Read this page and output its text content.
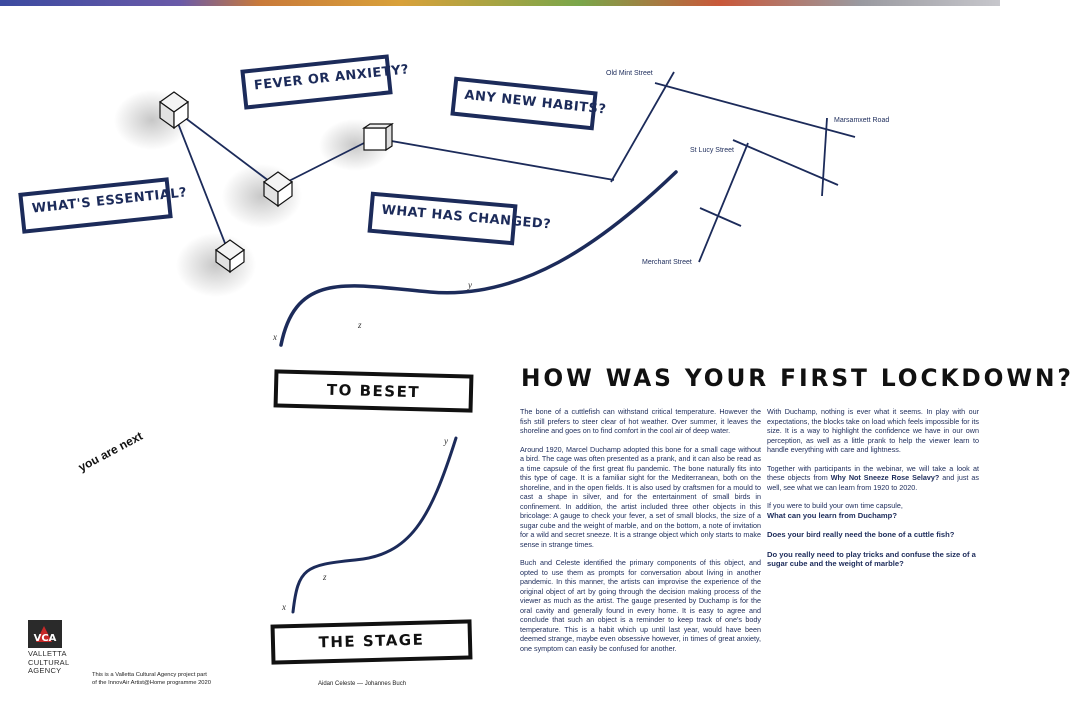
FEVER OR ANXIETY?
ANY NEW HABITS?
WHAT'S ESSENTIAL?
WHAT HAS CHANGED?
Old Mint Street
Marsamxett Road
St Lucy Street
Merchant Street
y
z
x
y
z
x
TO BESET
THE STAGE
you are next
HOW WAS YOUR FIRST LOCKDOWN?

The bone of a cuttlefish can withstand critical temperature. However the fish still prefers to steer clear of hot weather. Over summer, it leaves the shoreline and goes on to find comfort in the cool air of deep water.

Around 1920, Marcel Duchamp adopted this bone for a small cage without a bird. The cage was often presented as a prank, and it can also be read as a time capsule of the first great flu pandemic. The bone naturally fits into this type of cage. It is a familiar sight for the Mediterranean, both on the shoreline, and in the open fields. It is also used by craftsmen for a mould to cast a shape in silver, and for the entertainment of small birds in confinement. In addition, the artist included three other objects in this bricolage: A gauge to check your fever, a set of small blocks, the size of a sugar cube and the weight of marble, and on the bottom, a note of invitation for a wild and secret sneeze. It is a strange object which only starts to make sense in strange times.

Buch and Celeste identified the primary components of this object, and opted to use them as prompts for conversation about living in another pandemic. In this manner, the artists can improvise the experience of the original object of art by going through the decision making process of the viewer as much as the artist. The gauge presented by Duchamp is for the oral cavity and generally found in every home. It is easy to agree and conclude that such an object is a reminder to keep track of one's body temperature. This is a habit which up until last year, would have been deemed strange, maybe even obsessive however, in times of great anxiety, one symptom can easily be confused for another.

With Duchamp, nothing is ever what it seems. In play with our expectations, the blocks take on load which feels impossible for its size. It is a way to highlight the confidence we have in our own perception, as well as a little prank to help the viewer learn to handle everything with care and lightness.

Together with participants in the webinar, we will take a look at these objects from Why Not Sneeze Rose Selavy? and just as well, see what we can learn from 1920 to 2020.

If you were to build your own time capsule,

What can you learn from Duchamp?

Does your bird really need the bone of a cuttle fish?

Do you really need to play tricks and confuse the size of a sugar cube and the weight of marble?

VCA
VALLETTA
CULTURAL
AGENCY	This is a Valletta Cultural Agency project part
of the InnovAir Artist@Home programme 2020	Aidan Celeste — Johannes Buch
